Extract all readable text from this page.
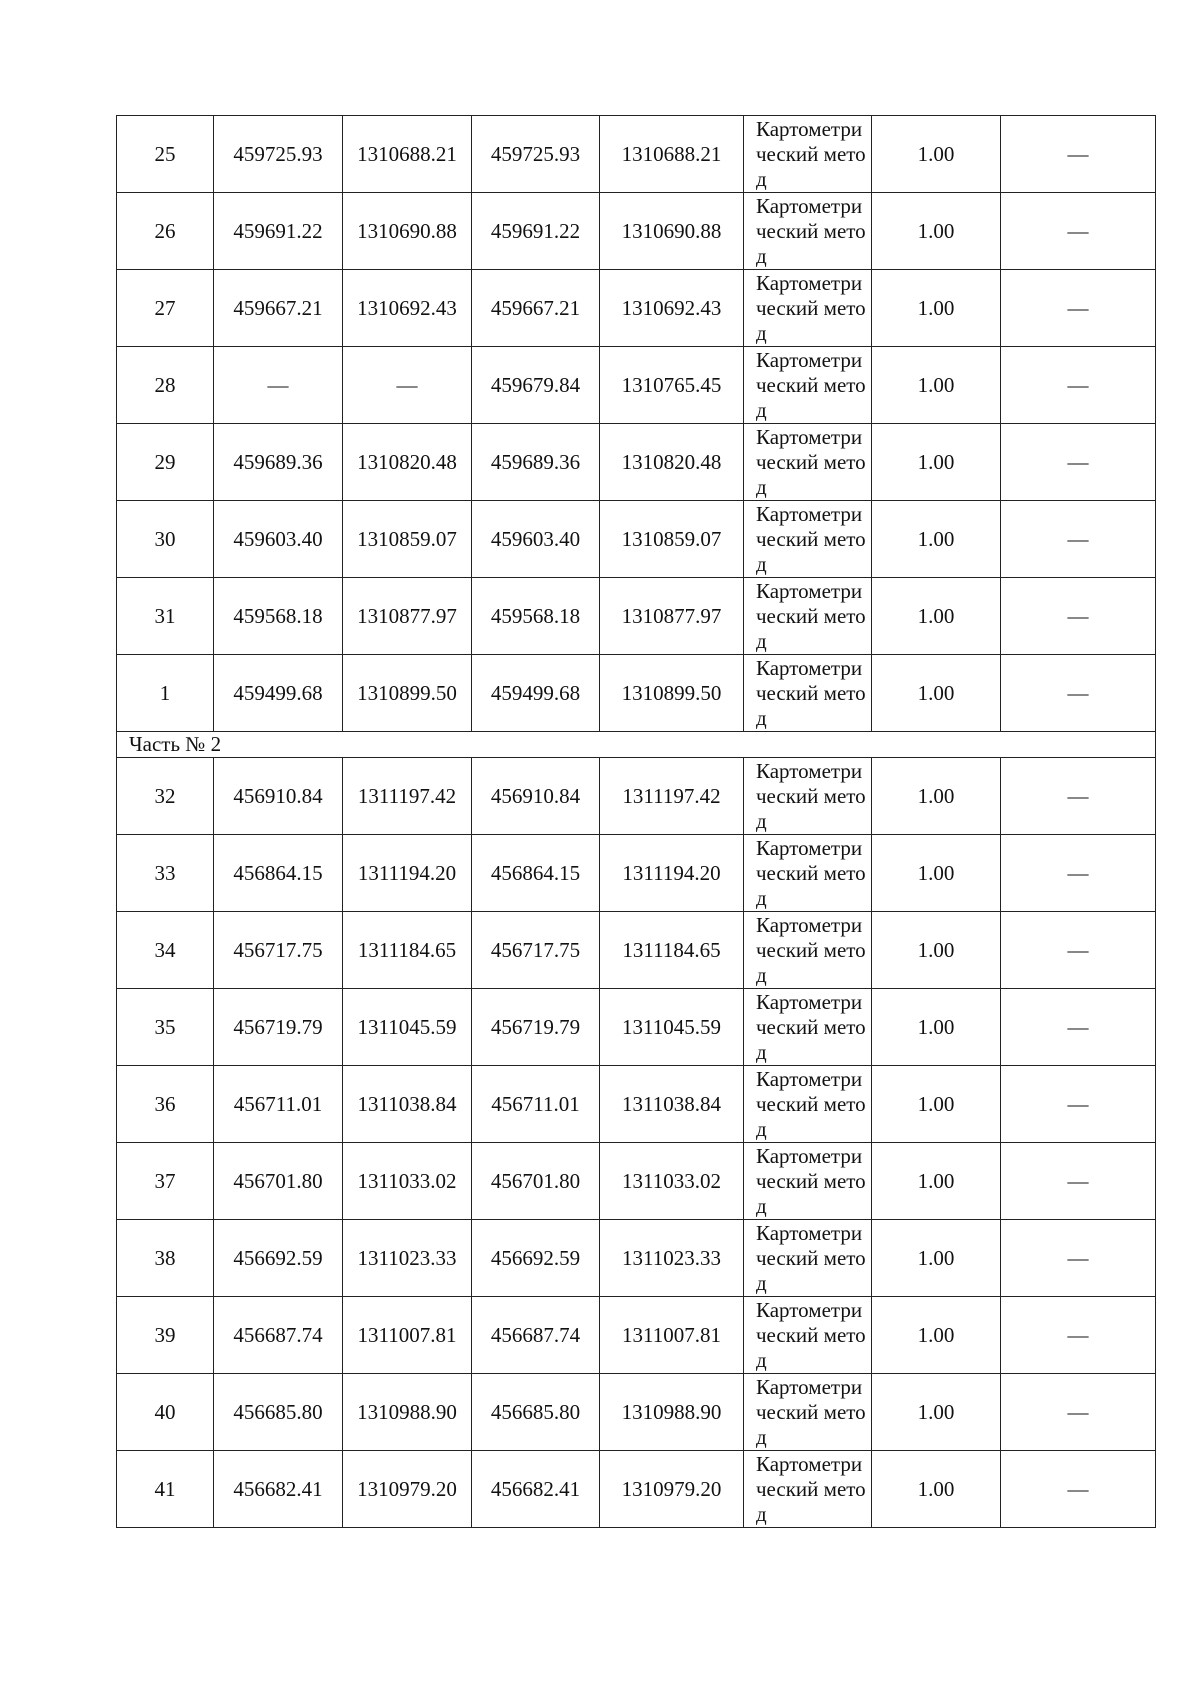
25	459725.93	1310688.21	459725.93	1310688.21	Картометрический метод	1.00	—
26	459691.22	1310690.88	459691.22	1310690.88	Картометрический метод	1.00	—
27	459667.21	1310692.43	459667.21	1310692.43	Картометрический метод	1.00	—
28	—	—	459679.84	1310765.45	Картометрический метод	1.00	—
29	459689.36	1310820.48	459689.36	1310820.48	Картометрический метод	1.00	—
30	459603.40	1310859.07	459603.40	1310859.07	Картометрический метод	1.00	—
31	459568.18	1310877.97	459568.18	1310877.97	Картометрический метод	1.00	—
1	459499.68	1310899.50	459499.68	1310899.50	Картометрический метод	1.00	—
Часть № 2							
32	456910.84	1311197.42	456910.84	1311197.42	Картометрический метод	1.00	—
33	456864.15	1311194.20	456864.15	1311194.20	Картометрический метод	1.00	—
34	456717.75	1311184.65	456717.75	1311184.65	Картометрический метод	1.00	—
35	456719.79	1311045.59	456719.79	1311045.59	Картометрический метод	1.00	—
36	456711.01	1311038.84	456711.01	1311038.84	Картометрический метод	1.00	—
37	456701.80	1311033.02	456701.80	1311033.02	Картометрический метод	1.00	—
38	456692.59	1311023.33	456692.59	1311023.33	Картометрический метод	1.00	—
39	456687.74	1311007.81	456687.74	1311007.81	Картометрический метод	1.00	—
40	456685.80	1310988.90	456685.80	1310988.90	Картометрический метод	1.00	—
41	456682.41	1310979.20	456682.41	1310979.20	Картометрический метод	1.00	—
